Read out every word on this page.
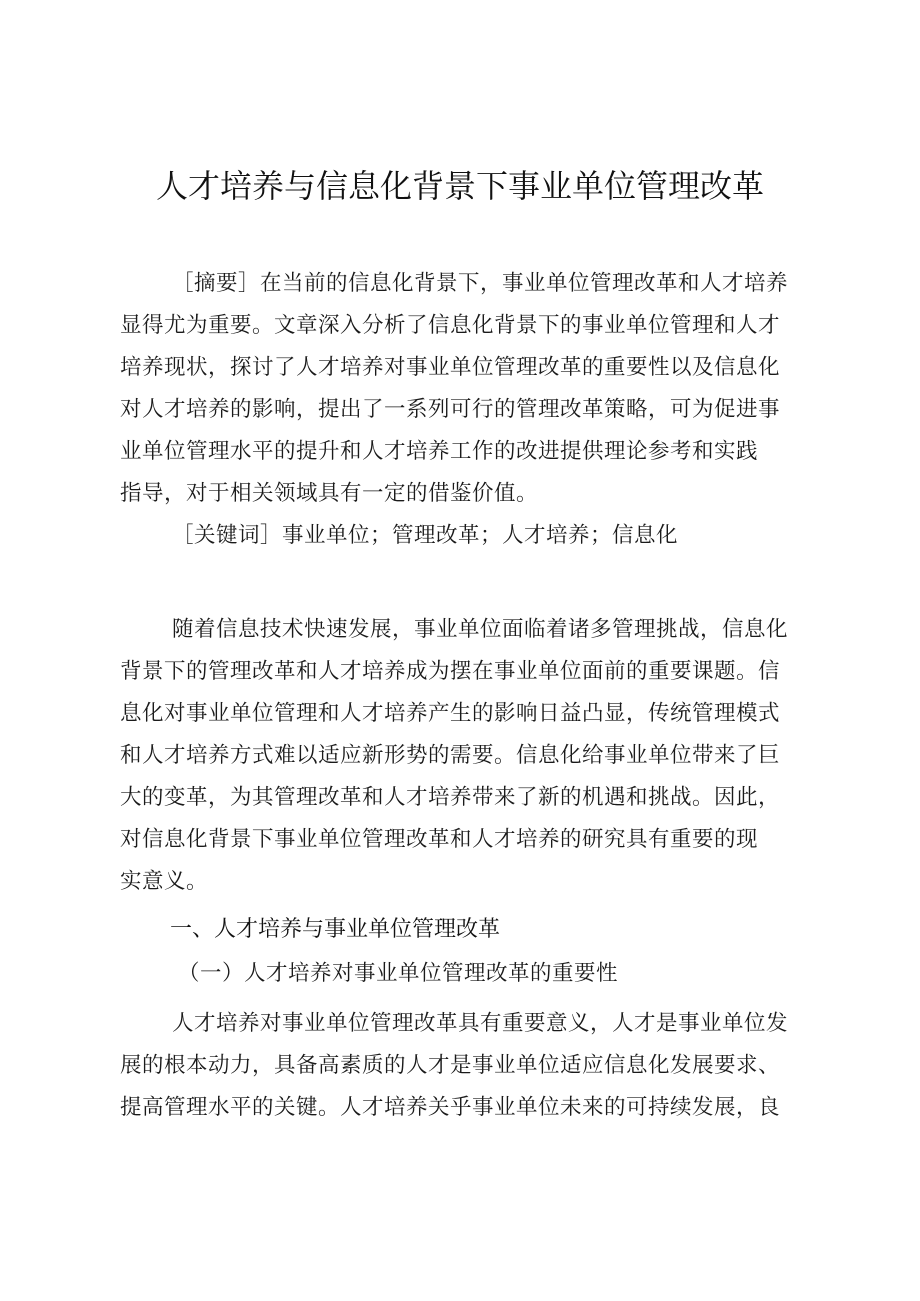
人才培养与信息化背景下事业单位管理改革
［摘要］在当前的信息化背景下，事业单位管理改革和人才培养
显得尤为重要。文章深入分析了信息化背景下的事业单位管理和人才
培养现状，探讨了人才培养对事业单位管理改革的重要性以及信息化
对人才培养的影响，提出了一系列可行的管理改革策略，可为促进事
业单位管理水平的提升和人才培养工作的改进提供理论参考和实践
指导，对于相关领域具有一定的借鉴价值。
［关键词］事业单位；管理改革；人才培养；信息化
随着信息技术快速发展，事业单位面临着诸多管理挑战，信息化
背景下的管理改革和人才培养成为摆在事业单位面前的重要课题。信
息化对事业单位管理和人才培养产生的影响日益凸显，传统管理模式
和人才培养方式难以适应新形势的需要。信息化给事业单位带来了巨
大的变革，为其管理改革和人才培养带来了新的机遇和挑战。因此，
对信息化背景下事业单位管理改革和人才培养的研究具有重要的现
实意义。
一、人才培养与事业单位管理改革
（一）人才培养对事业单位管理改革的重要性
人才培养对事业单位管理改革具有重要意义，人才是事业单位发
展的根本动力，具备高素质的人才是事业单位适应信息化发展要求、
提高管理水平的关键。人才培养关乎事业单位未来的可持续发展，良
